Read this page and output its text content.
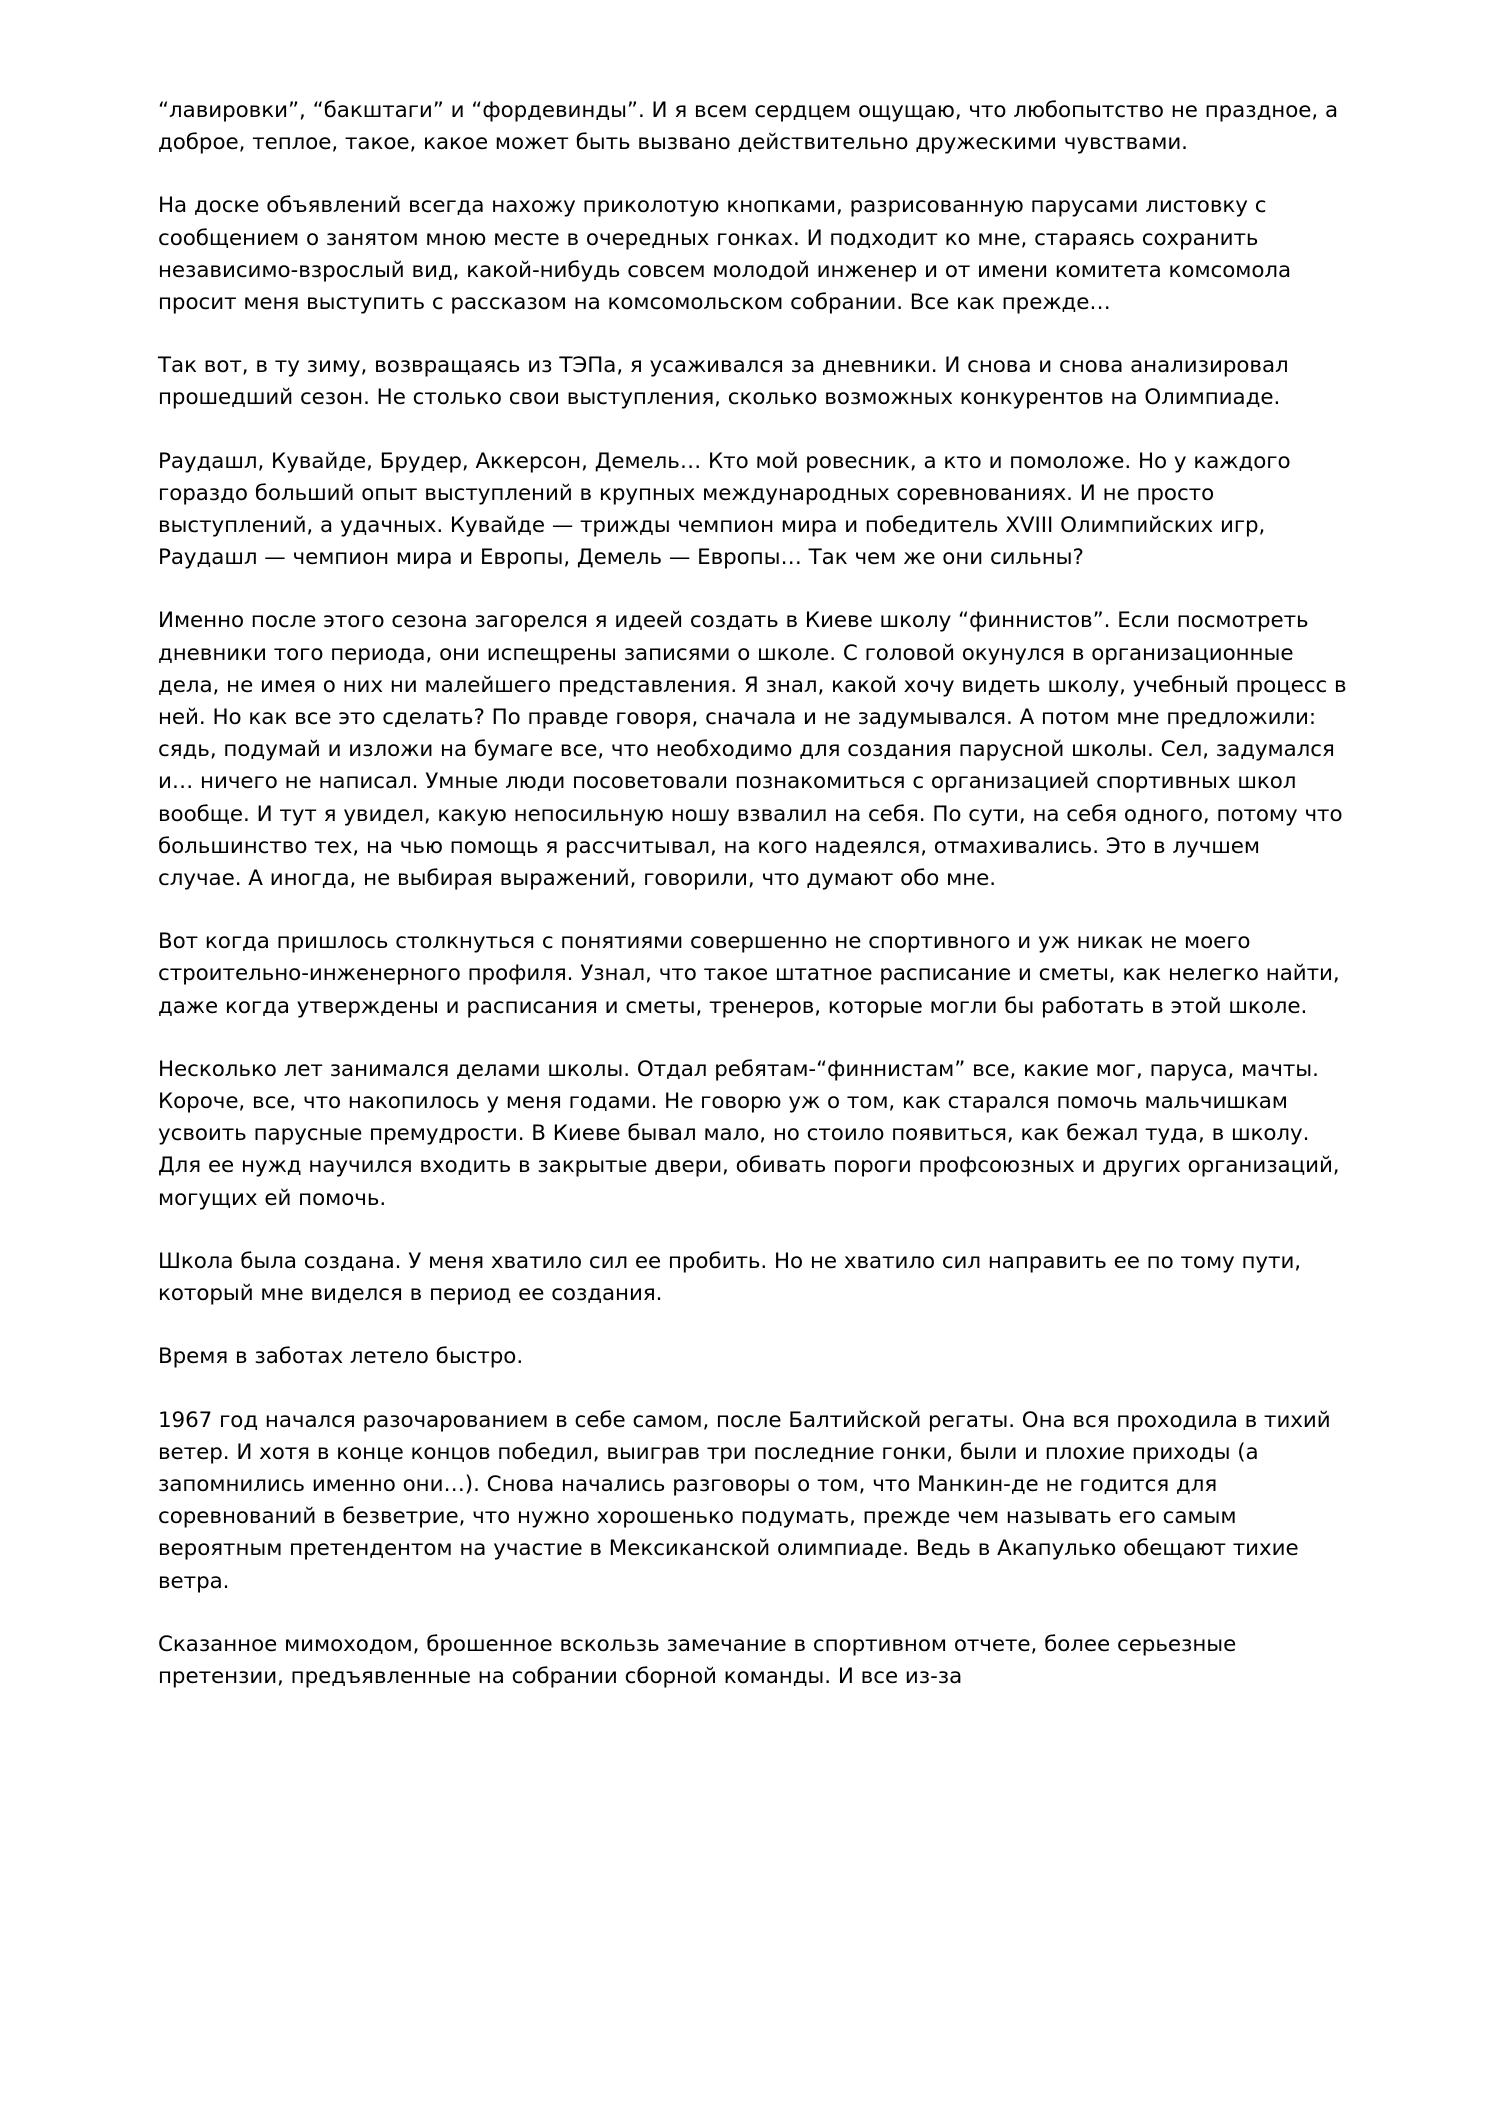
“лавировки”, “бакштаги” и “фордевинды”. И я всем сердцем ощущаю, что любопытство не праздное, а доброе, теплое, такое, какое может быть вызвано действительно дружескими чувствами.

На доске объявлений всегда нахожу приколотую кнопками, разрисованную парусами листовку с сообщением о занятом мною месте в очередных гонках. И подходит ко мне, стараясь сохранить независимо-взрослый вид, какой-нибудь совсем молодой инженер и от имени комитета комсомола просит меня выступить с рассказом на комсомольском собрании. Все как прежде…

Так вот, в ту зиму, возвращаясь из ТЭПа, я усаживался за дневники. И снова и снова анализировал прошедший сезон. Не столько свои выступления, сколько возможных конкурентов на Олимпиаде.

Раудашл, Кувайде, Брудер, Аккерсон, Демель… Кто мой ровесник, а кто и помоложе. Но у каждого гораздо больший опыт выступлений в крупных международных соревнованиях. И не просто выступлений, а удачных. Кувайде — трижды чемпион мира и победитель XVIII Олимпийских игр, Раудашл — чемпион мира и Европы, Демель — Европы… Так чем же они сильны?

Именно после этого сезона загорелся я идеей создать в Киеве школу “финнистов”. Если посмотреть дневники того периода, они испещрены записями о школе. С головой окунулся в организационные дела, не имея о них ни малейшего представления. Я знал, какой хочу видеть школу, учебный процесс в ней. Но как все это сделать? По правде говоря, сначала и не задумывался. А потом мне предложили: сядь, подумай и изложи на бумаге все, что необходимо для создания парусной школы. Сел, задумался и… ничего не написал. Умные люди посоветовали познакомиться с организацией спортивных школ вообще. И тут я увидел, какую непосильную ношу взвалил на себя. По сути, на себя одного, потому что большинство тех, на чью помощь я рассчитывал, на кого надеялся, отмахивались. Это в лучшем случае. А иногда, не выбирая выражений, говорили, что думают обо мне.

Вот когда пришлось столкнуться с понятиями совершенно не спортивного и уж никак не моего строительно-инженерного профиля. Узнал, что такое штатное расписание и сметы, как нелегко найти, даже когда утверждены и расписания и сметы, тренеров, которые могли бы работать в этой школе.

Несколько лет занимался делами школы. Отдал ребятам-“финнистам” все, какие мог, паруса, мачты. Короче, все, что накопилось у меня годами. Не говорю уж о том, как старался помочь мальчишкам усвоить парусные премудрости. В Киеве бывал мало, но стоило появиться, как бежал туда, в школу. Для ее нужд научился входить в закрытые двери, обивать пороги профсоюзных и других организаций, могущих ей помочь.

Школа была создана. У меня хватило сил ее пробить. Но не хватило сил направить ее по тому пути, который мне виделся в период ее создания.

Время в заботах летело быстро.

1967 год начался разочарованием в себе самом, после Балтийской регаты. Она вся проходила в тихий ветер. И хотя в конце концов победил, выиграв три последние гонки, были и плохие приходы (а запомнились именно они…). Снова начались разговоры о том, что Манкин-де не годится для соревнований в безветрие, что нужно хорошенько подумать, прежде чем называть его самым вероятным претендентом на участие в Мексиканской олимпиаде. Ведь в Акапулько обещают тихие ветра.

Сказанное мимоходом, брошенное вскользь замечание в спортивном отчете, более серьезные претензии, предъявленные на собрании сборной команды. И все из-за
